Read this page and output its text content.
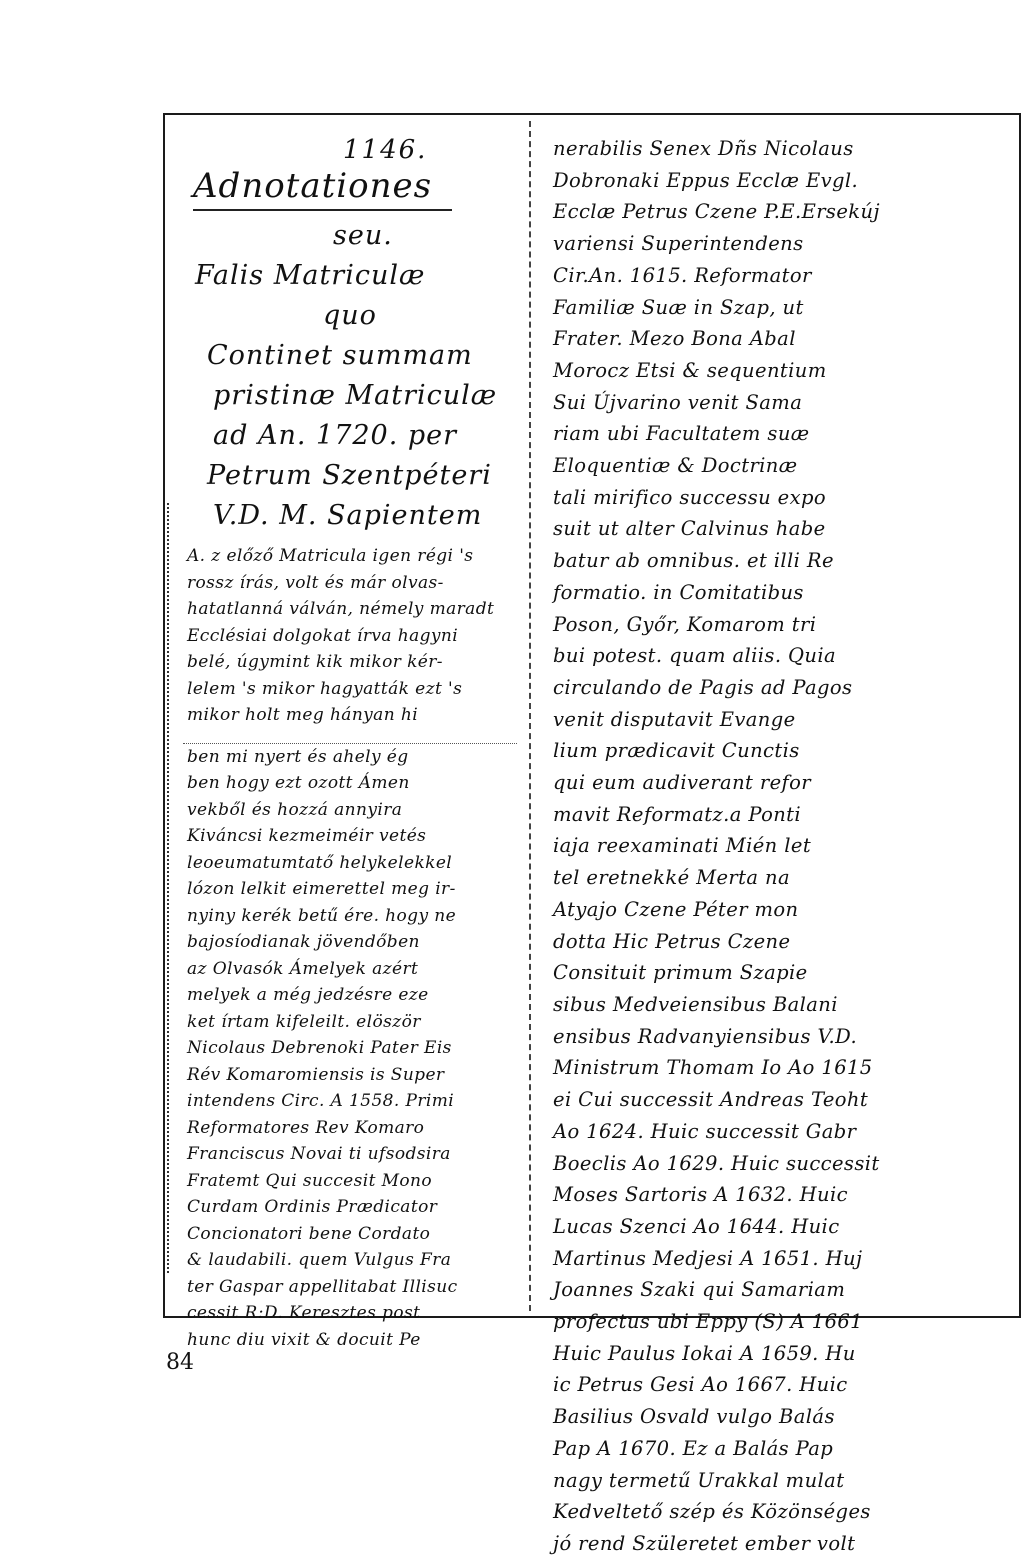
1146.
Adnotationes
seu.
Falis Matriculæ
quo
Continet summam
pristinæ Matriculæ
ad An. 1720. per
Petrum Szentpéteri
V.D. M. Sapientem
A. z előző Matricula igen régi 's
rossz írás, volt és már olvas-
hatatlanná válván, némely maradt
Ecclésiai dolgokat írva hagyni
belé, úgymint kik mikor kér-
lelem 's mikor hagyatták ezt 's
mikor holt meg hányan hi
ben mi nyert és ahely ég
ben hogy ezt ozott Ámen
vekből és hozzá annyira
Kiváncsi kezmeiméir vetés
leoeumatumtatő helykelekkel
lózon lelkit eimerettel meg ir-
nyiny kerék betű ére. hogy ne
bajosíodianak jövendőben
az Olvasók Ámelyek azért
melyek a még jedzésre eze
ket írtam kifeleilt. elöször
Nicolaus Debrenoki Pater Eis
Rév Komaromiensis is Super
intendens Circ. A 1558. Primi
Reformatores Rev Komaro
Franciscus Novai ti ufsodsira
Fratemt Qui succesit Mono
Curdam Ordinis Prædicator
Concionatori bene Cordato
& laudabili. quem Vulgus Fra
ter Gaspar appellitabat Illisuc
cessit R:D. Keresztes post
hunc diu vixit & docuit Pe
nerabilis Senex Dñs Nicolaus
Dobronaki Eppus Ecclæ Evgl.
Ecclæ Petrus Czene P.E.Ersekúj
variensi Superintendens
Cir.An. 1615. Reformator
Familiæ Suæ in Szap, ut
Frater. Mezo Bona Abal
Morocz Etsi & sequentium
Sui Újvarino venit Sama
riam ubi Facultatem suæ
Eloquentiæ & Doctrinæ
tali mirifico successu expo
suit ut alter Calvinus habe
batur ab omnibus. et illi Re
formatio. in Comitatibus
Poson, Győr, Komarom tri
bui potest. quam aliis. Quia
circulando de Pagis ad Pagos
venit disputavit Evange
lium prædicavit Cunctis
qui eum audiverant refor
mavit Reformatz.a Ponti
iaja reexaminati Mién let
tel eretnekké Merta na
Atyajo Czene Péter mon
dotta Hic Petrus Czene
Consituit primum Szapie
sibus Medveiensibus Balani
ensibus Radvanyiensibus V.D.
Ministrum Thomam Io Ao 1615
ei Cui successit Andreas Teoht
Ao 1624. Huic successit Gabr
Boeclis Ao 1629. Huic successit
Moses Sartoris A 1632. Huic
Lucas Szenci Ao 1644. Huic
Martinus Medjesi A 1651. Huj
Joannes Szaki qui Samariam
profectus ubi Eppy (S) A 1661
Huic Paulus Iokai A 1659. Hu
ic Petrus Gesi Ao 1667. Huic
Basilius Osvald vulgo Balás
Pap A 1670. Ez a Balás Pap
nagy termetű Urakkal mulat
Kedveltető szép és Közönséges
jó rend Szüleretet ember volt
84
